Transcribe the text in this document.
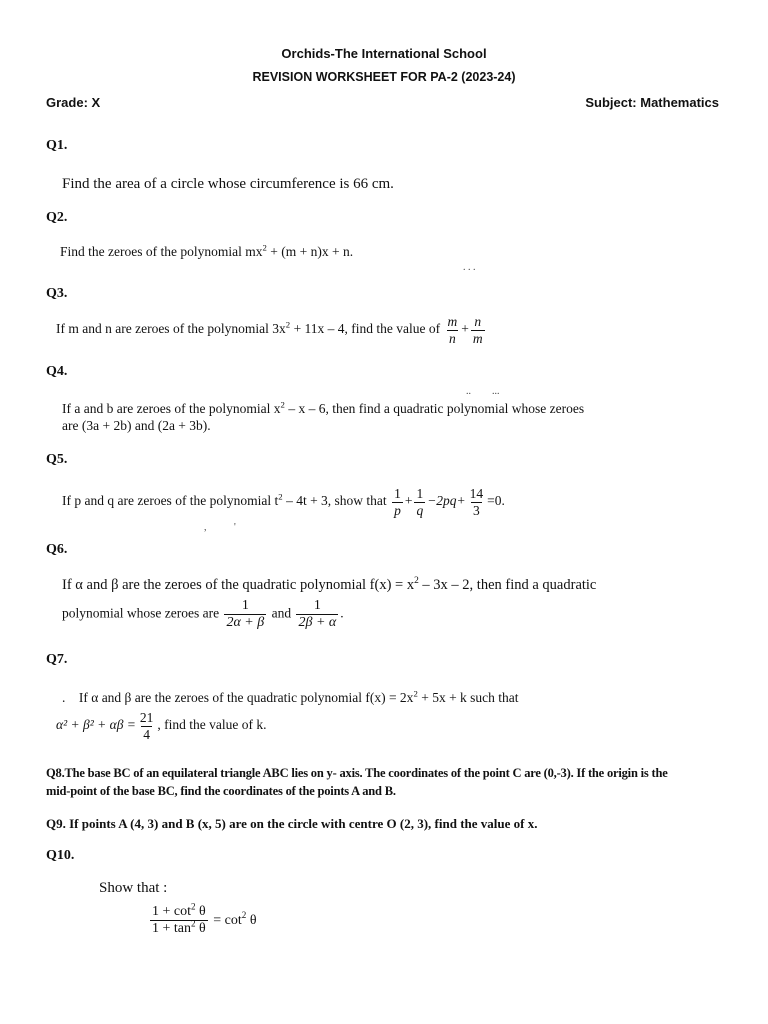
Orchids-The International School
REVISION WORKSHEET FOR PA-2 (2023-24)
Grade: X	Subject: Mathematics
Q1.
Find the area of a circle whose circumference is 66 cm.
Q2.
Find the zeroes of the polynomial $mx^2 + (m + n)x + n$.
. . .
Q3.
If m and n are zeroes of the polynomial $3x^2 + 11x - 4$, find the value of $\frac{m}{n} + \frac{n}{m}$
Q4.
.. ...
If a and b are zeroes of the polynomial $x^2$ – x – 6, then find a quadratic polynomial whose zeroes
are (3a + 2b) and (2a + 3b).
Q5.
If p and q are zeroes of the polynomial $t^2 - 4t + 3$, show that $\frac{1}{p} + \frac{1}{q} -2pq+ \frac{14}{3} =0$.
,	'
Q6.
If α and β are the zeroes of the quadratic polynomial $f(x) = x^2 - 3x - 2$, then find a quadratic
polynomial whose zeroes are $\frac{1}{2\alpha + \beta}$ and $\frac{1}{2\beta + \alpha}$ .
Q7.
. If α and β are the zeroes of the quadratic polynomial $f(x) = 2x^2 + 5x + k$ such that
$\alpha^2 + \beta^2 + \alpha\beta = \frac{21}{4}$ , find the value of k.
Q8.The base BC of an equilateral triangle ABC lies on y- axis. The coordinates of the point C are (0,-3). If the origin is the
mid-point of the base BC, find the coordinates of the points A and B.
Q9. If points A (4, 3) and B (x, 5) are on the circle with centre O (2, 3), find the value of x.
Q10.
Show that :
$\frac{1 + \cot^2 \theta}{1 + \tan^2 \theta} = \cot^2 \theta$
